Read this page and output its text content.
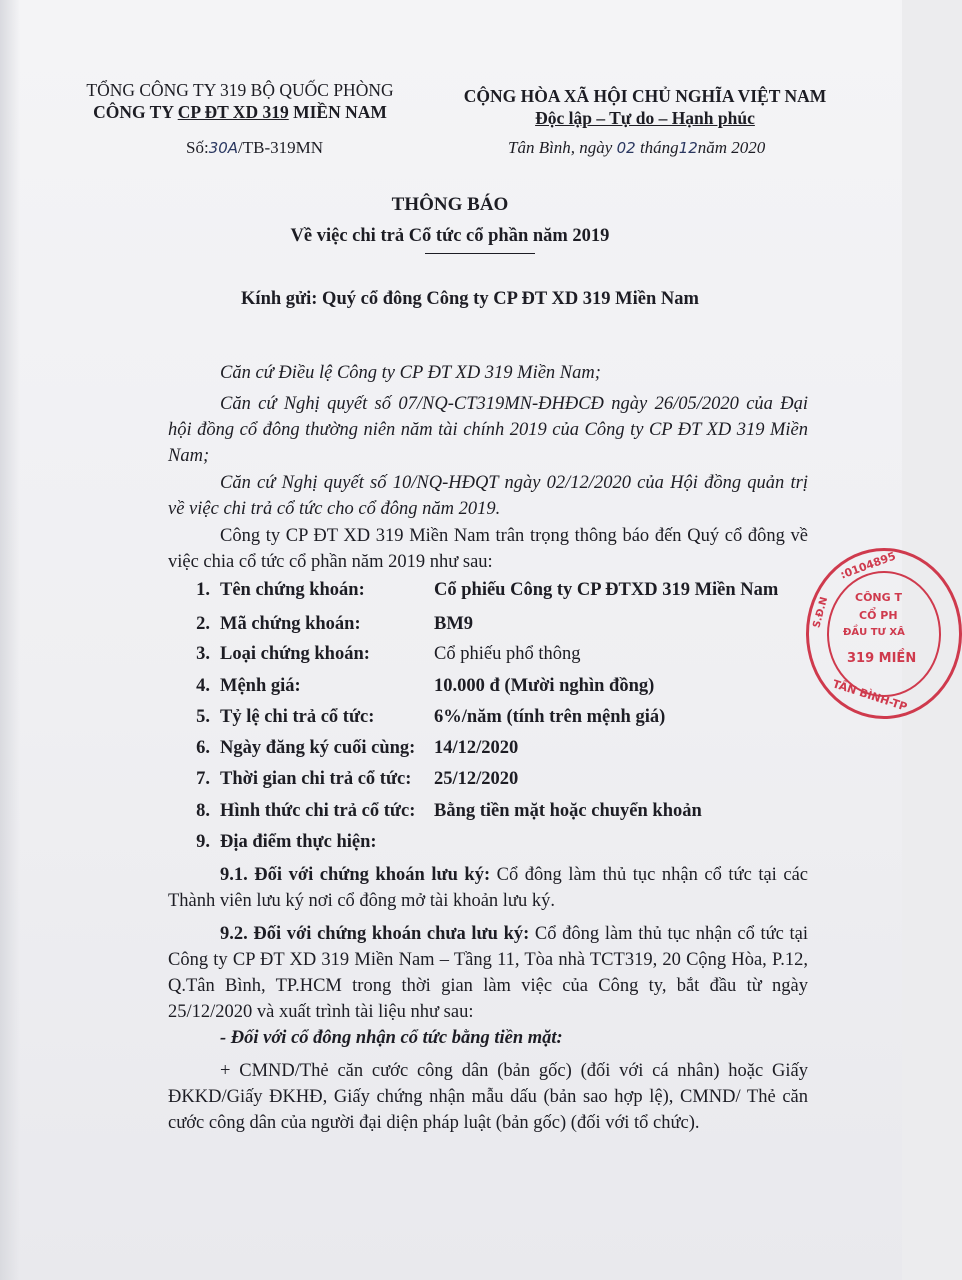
TỔNG CÔNG TY 319 BỘ QUỐC PHÒNG
CÔNG TY CP ĐT XD 319 MIỀN NAM
Số:30A/TB-319MN
CỘNG HÒA XÃ HỘI CHỦ NGHĨA VIỆT NAM
Độc lập – Tự do – Hạnh phúc
Tân Bình, ngày 02 tháng12năm 2020
THÔNG BÁO
Về việc chi trả Cổ tức cổ phần năm 2019
Kính gửi: Quý cổ đông Công ty CP ĐT XD 319 Miền Nam
Căn cứ Điều lệ Công ty CP ĐT XD 319 Miền Nam;
Căn cứ Nghị quyết số 07/NQ-CT319MN-ĐHĐCĐ ngày 26/05/2020 của Đại hội đồng cổ đông thường niên năm tài chính 2019 của Công ty CP ĐT XD 319 Miền Nam;
Căn cứ Nghị quyết số 10/NQ-HĐQT ngày 02/12/2020 của Hội đồng quản trị về việc chi trả cổ tức cho cổ đông năm 2019.
Công ty CP ĐT XD 319 Miền Nam trân trọng thông báo đến Quý cổ đông về việc chia cổ tức cổ phần năm 2019 như sau:
1. Tên chứng khoán:	Cổ phiếu Công ty CP ĐTXD 319 Miền Nam
2. Mã chứng khoán:	BM9
3. Loại chứng khoán:	Cổ phiếu phổ thông
4. Mệnh giá:	10.000 đ (Mười nghìn đồng)
5. Tỷ lệ chi trả cổ tức:	6%/năm (tính trên mệnh giá)
6. Ngày đăng ký cuối cùng: 14/12/2020
7. Thời gian chi trả cổ tức: 25/12/2020
8. Hình thức chi trả cổ tức: Bằng tiền mặt hoặc chuyển khoản
9. Địa điểm thực hiện:
9.1. Đối với chứng khoán lưu ký: Cổ đông làm thủ tục nhận cổ tức tại các Thành viên lưu ký nơi cổ đông mở tài khoản lưu ký.
9.2. Đối với chứng khoán chưa lưu ký: Cổ đông làm thủ tục nhận cổ tức tại Công ty CP ĐT XD 319 Miền Nam – Tầng 11, Tòa nhà TCT319, 20 Cộng Hòa, P.12, Q.Tân Bình, TP.HCM trong thời gian làm việc của Công ty, bắt đầu từ ngày 25/12/2020 và xuất trình tài liệu như sau:
- Đối với cổ đông nhận cổ tức bằng tiền mặt:
+ CMND/Thẻ căn cước công dân (bản gốc) (đối với cá nhân) hoặc Giấy ĐKKD/Giấy ĐKHĐ, Giấy chứng nhận mẫu dấu (bản sao hợp lệ), CMND/ Thẻ căn cước công dân của người đại diện pháp luật (bản gốc) (đối với tổ chức).
:0104895
CÔNG T
CỔ PH
ĐẦU TƯ XÂ
319 MIỀN
TÂN BÌNH-TP
S.Đ.N
